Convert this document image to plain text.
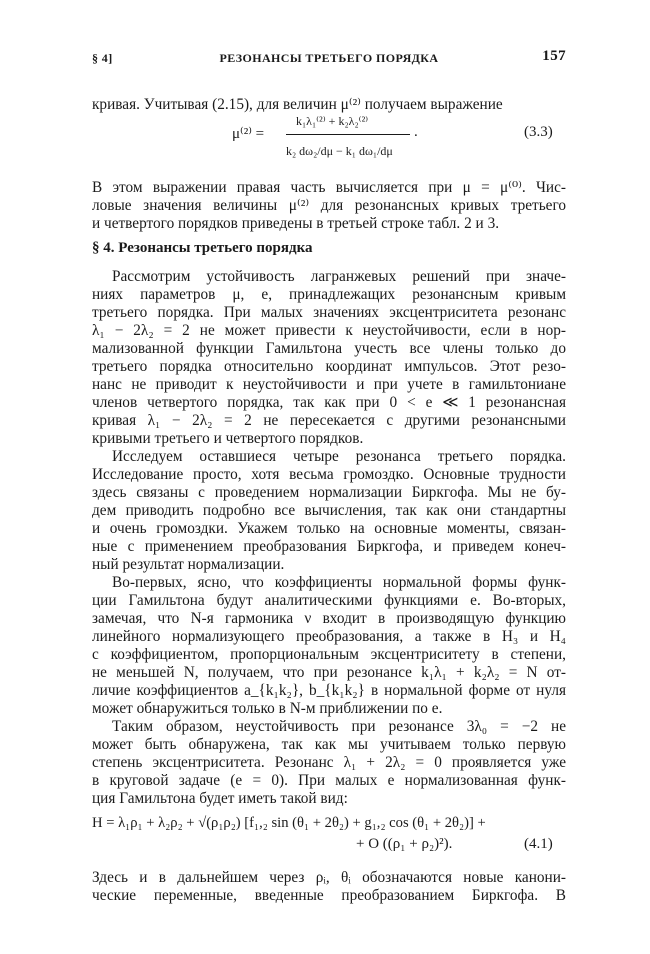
§ 4]	РЕЗОНАНСЫ ТРЕТЬЕГО ПОРЯДКА	157
кривая. Учитывая (2.15), для величин μ⁽²⁾ получаем выражение
μ⁽²⁾ =
k₁λ₁⁽²⁾ + k₂λ₂⁽²⁾
k₂ dω₂/dμ − k₁ dω₁/dμ
.	(3.3)
В этом выражении правая часть вычисляется при μ = μ⁽⁰⁾. Чис-
ловые значения величины μ⁽²⁾ для резонансных кривых третьего
и четвертого порядков приведены в третьей строке табл. 2 и 3.
§ 4. Резонансы третьего порядка
Рассмотрим устойчивость лагранжевых решений при значе-
ниях параметров μ, e, принадлежащих резонансным кривым
третьего порядка. При малых значениях эксцентриситета резонанс
λ₁ − 2λ₂ = 2 не может привести к неустойчивости, если в нор-
мализованной функции Гамильтона учесть все члены только до
третьего порядка относительно координат импульсов. Этот резо-
нанс не приводит к неустойчивости и при учете в гамильтониане
членов четвертого порядка, так как при 0 < e ≪ 1 резонансная
кривая λ₁ − 2λ₂ = 2 не пересекается с другими резонансными
кривыми третьего и четвертого порядков.
Исследуем оставшиеся четыре резонанса третьего порядка.
Исследование просто, хотя весьма громоздко. Основные трудности
здесь связаны с проведением нормализации Биркгофа. Мы не бу-
дем приводить подробно все вычисления, так как они стандартны
и очень громоздки. Укажем только на основные моменты, связан-
ные с применением преобразования Биркгофа, и приведем конеч-
ный результат нормализации.
Во-первых, ясно, что коэффициенты нормальной формы функ-
ции Гамильтона будут аналитическими функциями e. Во-вторых,
замечая, что N-я гармоника ν входит в производящую функцию
линейного нормализующего преобразования, а также в H₃ и H₄
с коэффициентом, пропорциональным эксцентриситету в степени,
не меньшей N, получаем, что при резонансе k₁λ₁ + k₂λ₂ = N от-
личие коэффициентов a_{k₁k₂}, b_{k₁k₂} в нормальной форме от нуля
может обнаружиться только в N-м приближении по e.
Таким образом, неустойчивость при резонансе 3λ₀ = −2 не
может быть обнаружена, так как мы учитываем только первую
степень эксцентриситета. Резонанс λ₁ + 2λ₂ = 0 проявляется уже
в круговой задаче (e = 0). При малых e нормализованная функ-
ция Гамильтона будет иметь такой вид:
H = λ₁ρ₁ + λ₂ρ₂ + √(ρ₁ρ₂) [f₁,₂ sin (θ₁ + 2θ₂) + g₁,₂ cos (θ₁ + 2θ₂)] +
+ O ((ρ₁ + ρ₂)²).	(4.1)
Здесь и в дальнейшем через ρᵢ, θᵢ обозначаются новые канони-
ческие переменные, введенные преобразованием Биркгофа. В
